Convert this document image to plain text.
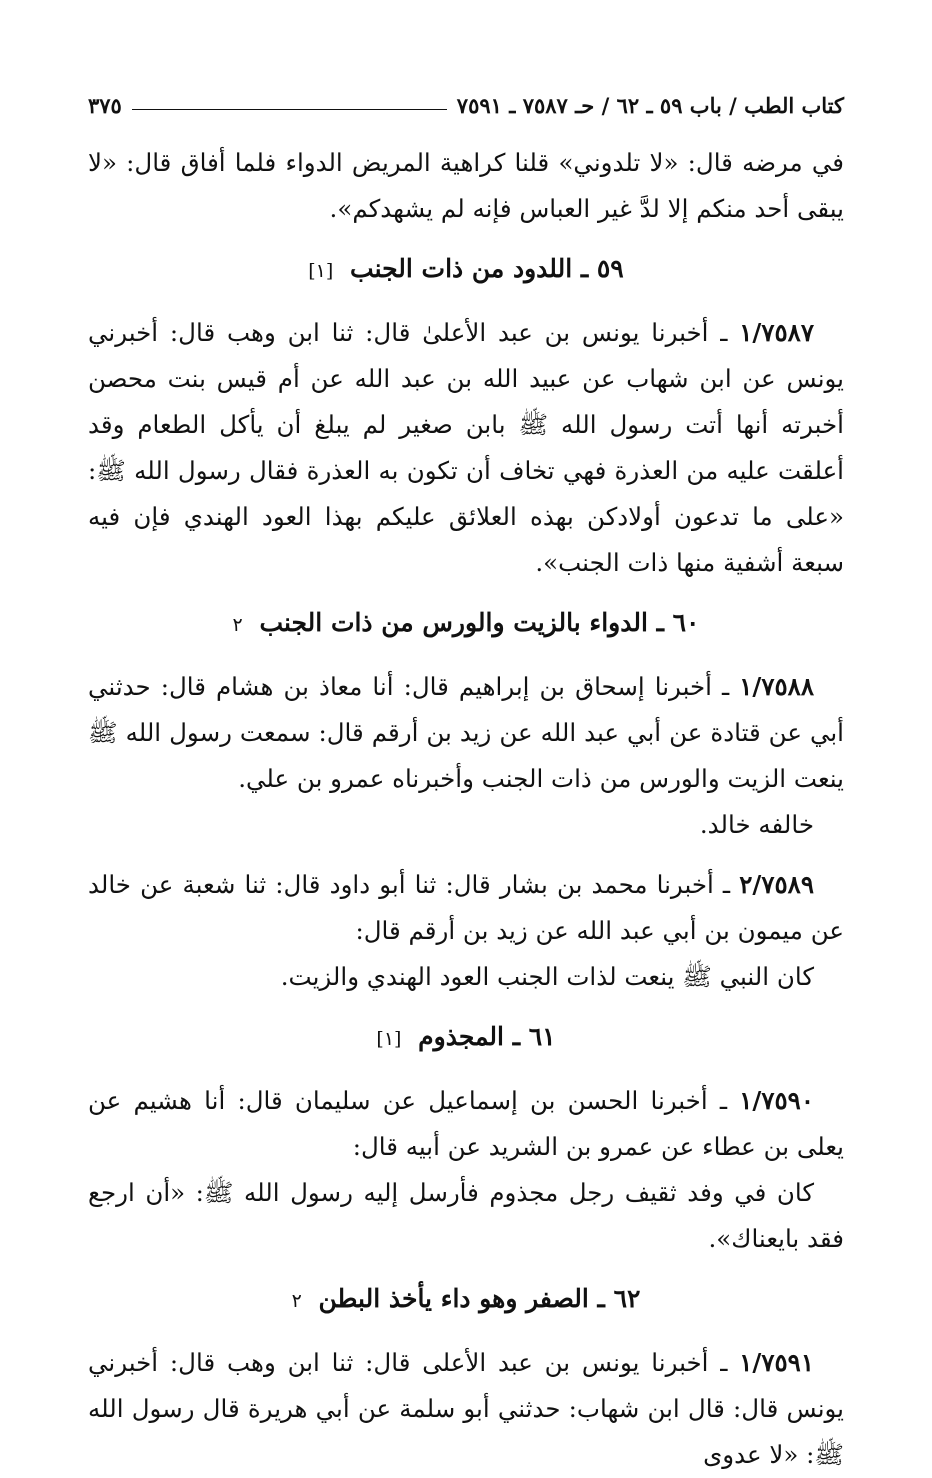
كتاب الطب / باب ٥٩ ـ ٦٢ / حـ ٧٥٨٧ ـ ٧٥٩١
٣٧٥

في مرضه قال: «لا تلدوني» قلنا كراهية المريض الدواء فلما أفاق قال: «لا يبقى أحد منكم إلا لدَّ غير العباس فإنه لم يشهدكم».

٥٩ ـ اللدود من ذات الجنب [١]

١/٧٥٨٧ ـ أخبرنا يونس بن عبد الأعلىٰ قال: ثنا ابن وهب قال: أخبرني يونس عن ابن شهاب عن عبيد الله بن عبد الله عن أم قيس بنت محصن أخبرته أنها أتت رسول الله ﷺ بابن صغير لم يبلغ أن يأكل الطعام وقد أعلقت عليه من العذرة فهي تخاف أن تكون به العذرة فقال رسول الله ﷺ: «على ما تدعون أولادكن بهذه العلائق عليكم بهذا العود الهندي فإن فيه سبعة أشفية منها ذات الجنب».

٦٠ ـ الدواء بالزيت والورس من ذات الجنب ٢

١/٧٥٨٨ ـ أخبرنا إسحاق بن إبراهيم قال: أنا معاذ بن هشام قال: حدثني أبي عن قتادة عن أبي عبد الله عن زيد بن أرقم قال: سمعت رسول الله ﷺ ينعت الزيت والورس من ذات الجنب وأخبرناه عمرو بن علي.

خالفه خالد.

٢/٧٥٨٩ ـ أخبرنا محمد بن بشار قال: ثنا أبو داود قال: ثنا شعبة عن خالد عن ميمون بن أبي عبد الله عن زيد بن أرقم قال:

كان النبي ﷺ ينعت لذات الجنب العود الهندي والزيت.

٦١ ـ المجذوم [١]

١/٧٥٩٠ ـ أخبرنا الحسن بن إسماعيل عن سليمان قال: أنا هشيم عن يعلى بن عطاء عن عمرو بن الشريد عن أبيه قال:

كان في وفد ثقيف رجل مجذوم فأرسل إليه رسول الله ﷺ: «أن ارجع فقد بايعناك».

٦٢ ـ الصفر وهو داء يأخذ البطن ٢

١/٧٥٩١ ـ أخبرنا يونس بن عبد الأعلى قال: ثنا ابن وهب قال: أخبرني يونس قال: قال ابن شهاب: حدثني أبو سلمة عن أبي هريرة قال رسول الله ﷺ: «لا عدوى
